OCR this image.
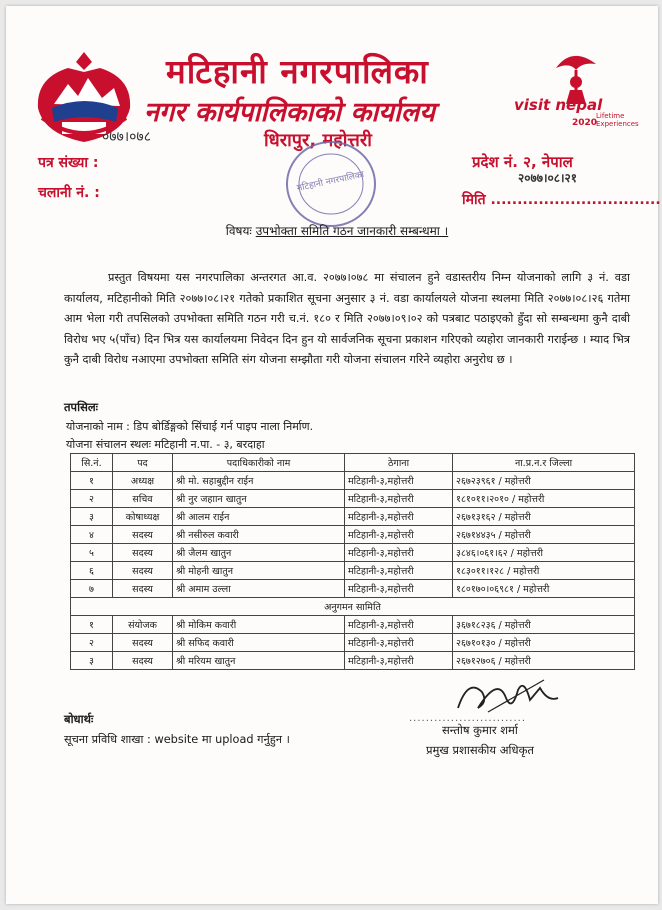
मटिहानी नगरपालिका
नगर कार्यपालिकाको कार्यालय	visit nepal
2020
Lifetime Experiences
०७७।०७८	धिरापुर, महोत्तरी
मटिहानी नगरपालिका
पत्र संख्या :
चलानी नं. :
प्रदेश नं. २, नेपाल
२०७७।०८।२१
मिति ................................
विषयः उपभोक्ता समिति गठन जानकारी सम्बन्धमा ।

प्रस्तुत विषयमा यस नगरपालिका अन्तरगत आ.व. २०७७।०७८ मा संचालन हुने वडास्तरीय निम्न योजनाको लागि ३ नं. वडा कार्यालय, मटिहानीको मिति २०७७।०८।२१ गतेको प्रकाशित सूचना अनुसार ३ नं. वडा कार्यालयले योजना स्थलमा मिति २०७७।०८।२६ गतेमा आम भेला गरी तपसिलको उपभोक्ता समिति गठन गरी च.नं. १८० र मिति २०७७।०९।०२ को पत्रबाट पठाइएको हुँदा सो सम्बन्धमा कुनै दाबी विरोध भए ५(पाँच) दिन भित्र यस कार्यालयमा निवेदन दिन हुन यो सार्वजनिक सूचना प्रकाशन गरिएको व्यहोरा जानकारी गराईन्छ । म्याद भित्र कुनै दाबी विरोध नआएमा उपभोक्ता समिति संग योजना सम्झौता गरी योजना संचालन गरिने व्यहोरा अनुरोध छ ।

तपसिलः
योजनाको नाम : डिप बोर्डिङ्गको सिंचाई गर्न पाइप नाला निर्माण.
योजना संचालन स्थलः मटिहानी न.पा. - ३, बरदाहा
सि.नं.	पद	पदाधिकारीको नाम	ठेगाना	ना.प्र.न.र जिल्ला
१	अध्यक्ष	श्री मो. सहाबुद्दीन राईन	मटिहानी-३,महोत्तरी	२६७२३९६१ / महोत्तरी
२	सचिव	श्री नुर जहाान खातुन	मटिहानी-३,महोत्तरी	१८१०११।२०१० / महोत्तरी
३	कोषाध्यक्ष	श्री आलम राईन	मटिहानी-३,महोत्तरी	२६७१३१६२ / महोत्तरी
४	सदस्य	श्री नसीरुल कवारी	मटिहानी-३,महोत्तरी	२६७१४४३५ / महोत्तरी
५	सदस्य	श्री जैलम खातुन	मटिहानी-३,महोत्तरी	३८४६।०६१।६२ / महोत्तरी
६	सदस्य	श्री मोहनी खातुन	मटिहानी-३,महोत्तरी	१८३०११।१२८ / महोत्तरी
७	सदस्य	श्री अमाम उल्ला	मटिहानी-३,महोत्तरी	१८०१७०।०६९८१ / महोत्तरी
अनुगमन सामिति				
१	संयोजक	श्री मोकिम कवारी	मटिहानी-३,महोत्तरी	३६७१८२३६ / महोत्तरी
२	सदस्य	श्री सफिद कवारी	मटिहानी-३,महोत्तरी	२६७१०१३० / महोत्तरी
३	सदस्य	श्री मरियम खातुन	मटिहानी-३,महोत्तरी	२६७१२७०६ / महोत्तरी
बोधार्थः
सूचना प्रविधि शाखा : website मा upload गर्नुहुन ।
............................
सन्तोष कुमार शर्मा
प्रमुख प्रशासकीय अधिकृत
